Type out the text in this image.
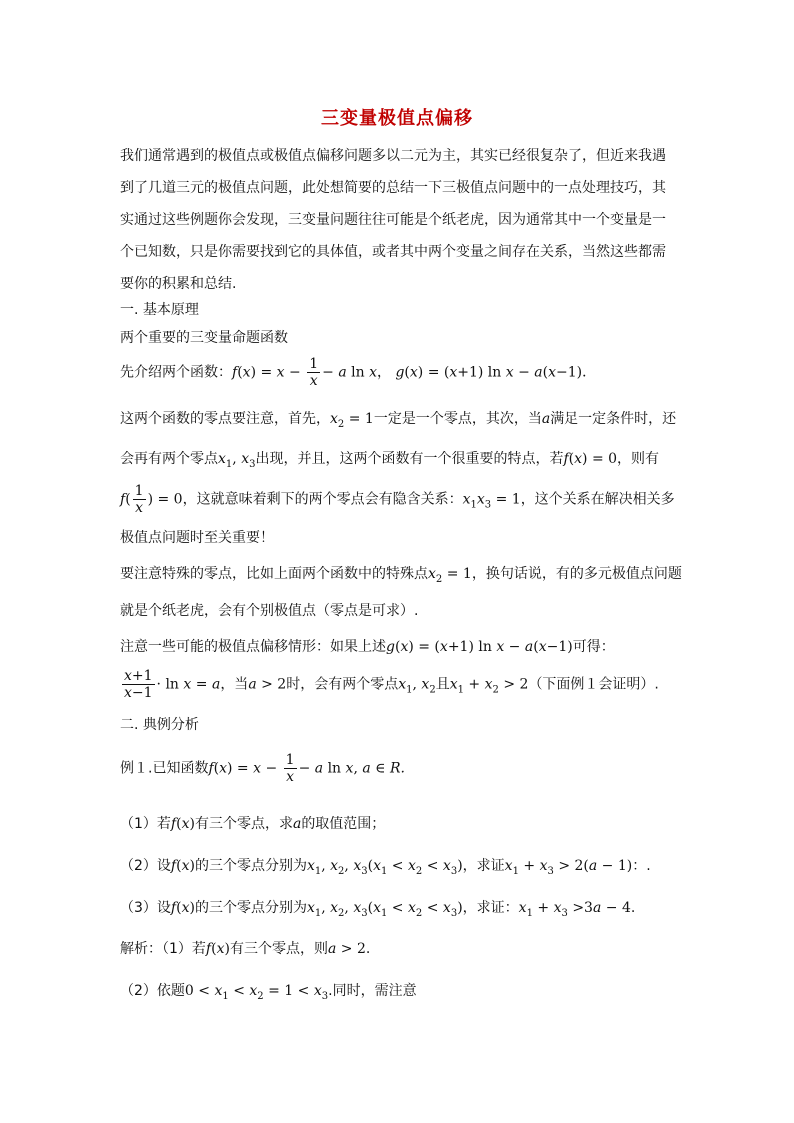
三变量极值点偏移
我们通常遇到的极值点或极值点偏移问题多以二元为主，其实已经很复杂了，但近来我遇到了几道三元的极值点问题，此处想简要的总结一下三极值点问题中的一点处理技巧，其实通过这些例题你会发现，三变量问题往往可能是个纸老虎，因为通常其中一个变量是一个已知数，只是你需要找到它的具体值，或者其中两个变量之间存在关系，当然这些都需要你的积累和总结.
一. 基本原理
两个重要的三变量命题函数
先介绍两个函数：$f(x) = x - \frac{1}{x} - a$ ln x， g(x) = (x+1) ln x − a(x−1)．
这两个函数的零点要注意，首先，$x_2 = 1$一定是一个零点，其次，当a满足一定条件时，还
会再有两个零点$x_1$, $x_3$出现，并且，这两个函数有一个很重要的特点，若f(x) = 0，则有
$f( \frac{1}{x}$ ) = 0，这就意味着剩下的两个零点会有隐含关系：$x_1x_3 = 1$，这个关系在解决相关多
极值点问题时至关重要！
要注意特殊的零点，比如上面两个函数中的特殊点$x_2 = 1$，换句话说，有的多元极值点问题
就是个纸老虎，会有个别极值点（零点是可求）.
注意一些可能的极值点偏移情形：如果上述g(x) = (x+1) ln x − a(x−1)可得：
$\frac{x+1}{x-1} \cdot \ln x = a$，当a > 2时，会有两个零点$x_1$, $x_2$且$x_1 + x_2 > 2$（下面例１会证明）.
二. 典例分析
例１.已知函数$f(x) = x - \frac{1}{x} - a$ ln x, a ∈ R.
（1）若f(x)有三个零点，求a的取值范围；
（2）设f(x)的三个零点分别为$x_1$, $x_2$, $x_3(x_1 < x_2 < x_3)$，求证$x_1 + x_3 > 2(a - 1)$：.
（3）设f(x)的三个零点分别为$x_1$, $x_2$, $x_3(x_1 < x_2 < x_3)$，求证：$x_1 + x_3 >3a - 4$.
解析：（1）若f(x)有三个零点，则a > 2.
（2）依题$0 < x_1 < x_2 = 1 < x_3$.同时，需注意
